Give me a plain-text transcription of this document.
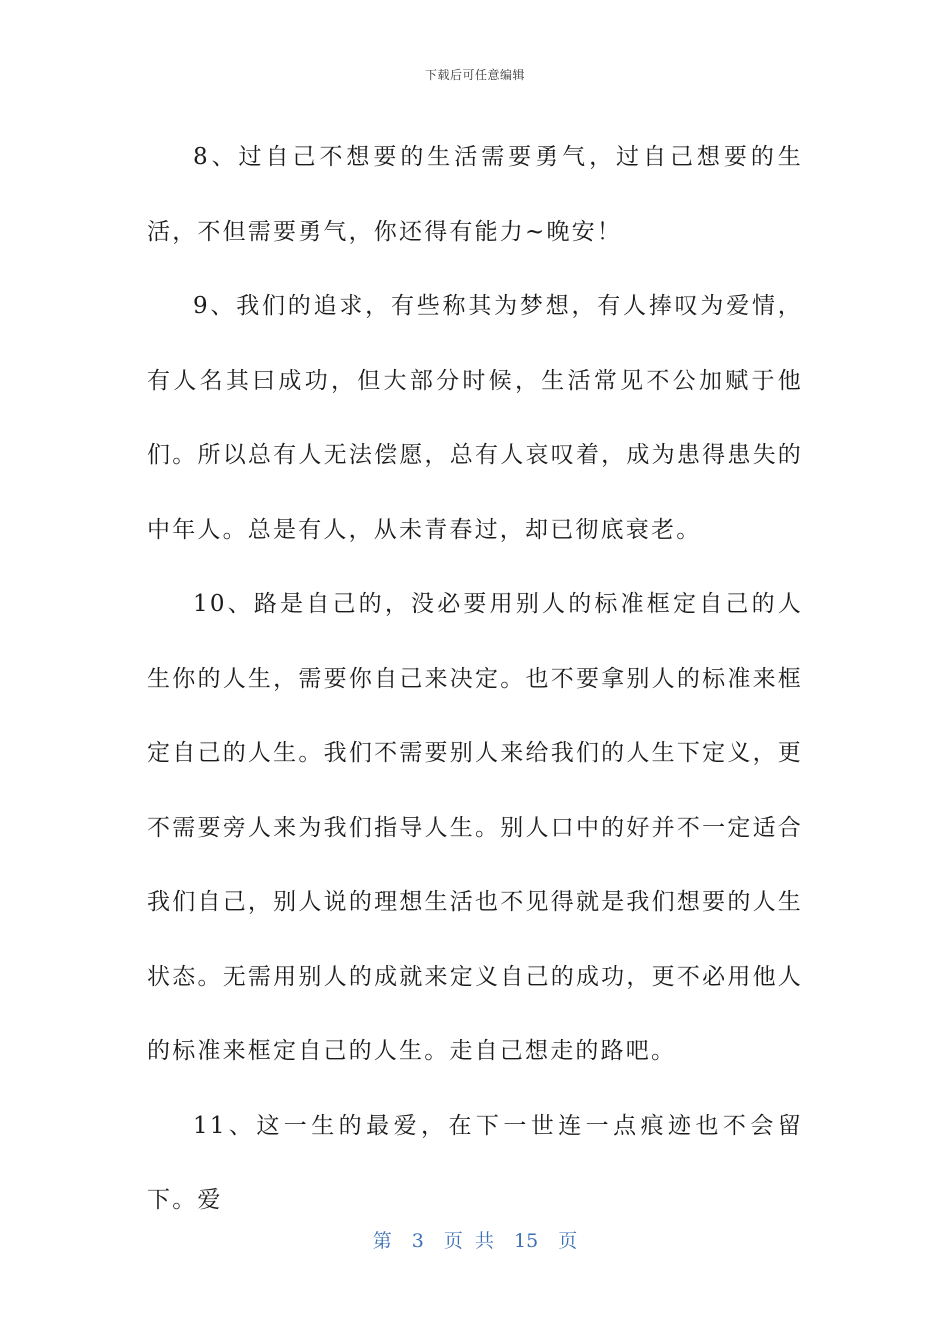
下载后可任意编辑

8、过自己不想要的生活需要勇气，过自己想要的生活，不但需要勇气，你还得有能力~晚安！

9、我们的追求，有些称其为梦想，有人捧叹为爱情，有人名其曰成功，但大部分时候，生活常见不公加赋于他们。所以总有人无法偿愿，总有人哀叹着，成为患得患失的中年人。总是有人，从未青春过，却已彻底衰老。

10、路是自己的，没必要用别人的标准框定自己的人生你的人生，需要你自己来决定。也不要拿别人的标准来框定自己的人生。我们不需要别人来给我们的人生下定义，更不需要旁人来为我们指导人生。别人口中的好并不一定适合我们自己，别人说的理想生活也不见得就是我们想要的人生状态。无需用别人的成就来定义自己的成功，更不必用他人的标准来框定自己的人生。走自己想走的路吧。

11、这一生的最爱，在下一世连一点痕迹也不会留下。爱

第 3 页 共 15 页
